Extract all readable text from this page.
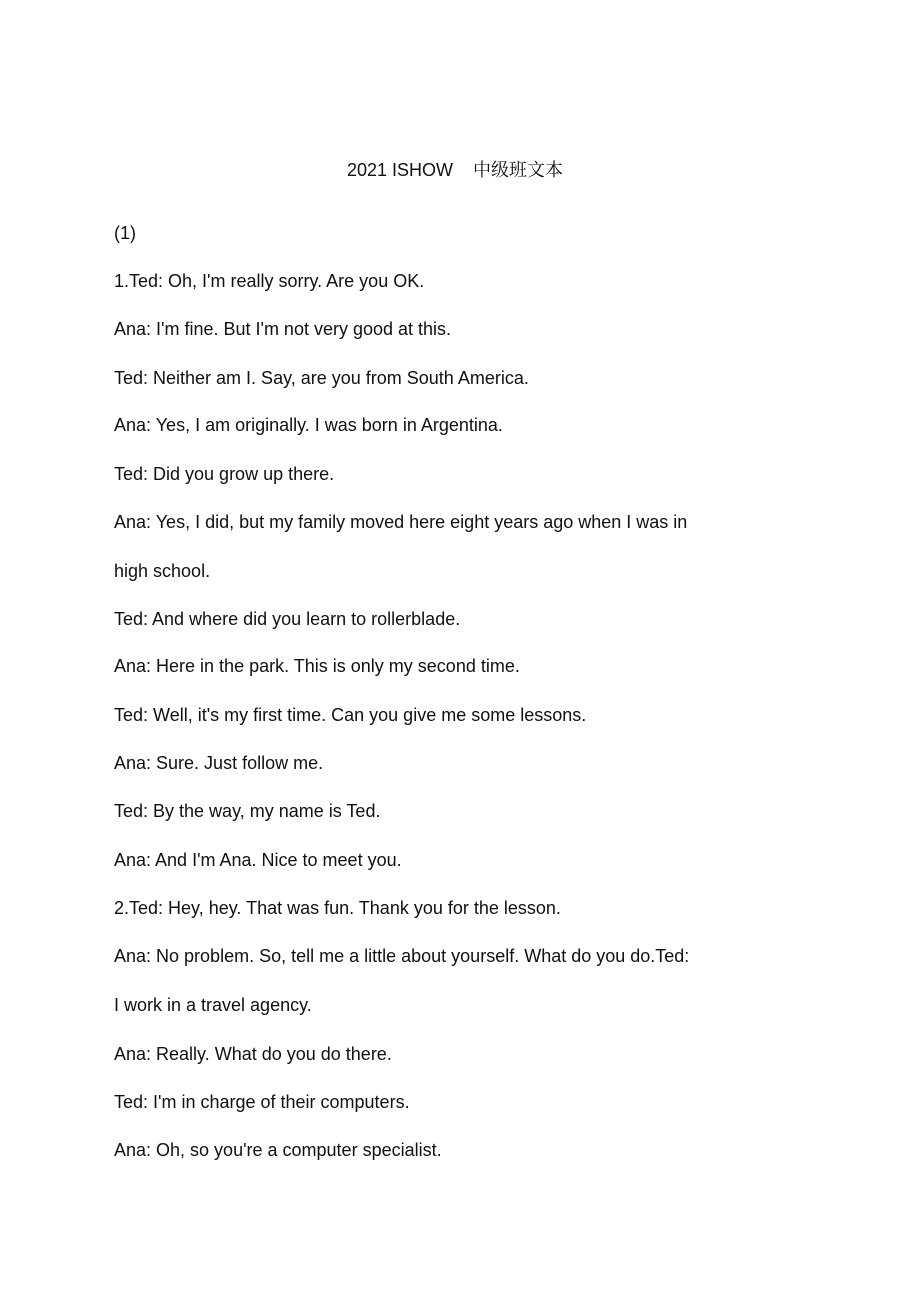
2021 ISHOW 中级班文本
(1)
1.Ted: Oh, I'm really sorry. Are you OK.
Ana: I'm fine. But I'm not very good at this.
Ted: Neither am I. Say, are you from South America.
Ana: Yes, I am originally. I was born in Argentina.
Ted: Did you grow up there.
Ana: Yes, I did, but my family moved here eight years ago when I was in
high school.
Ted: And where did you learn to rollerblade.
Ana: Here in the park. This is only my second time.
Ted: Well, it's my first time. Can you give me some lessons.
Ana: Sure. Just follow me.
Ted: By the way, my name is Ted.
Ana: And I'm Ana. Nice to meet you.
2.Ted: Hey, hey. That was fun. Thank you for the lesson.
Ana: No problem. So, tell me a little about yourself. What do you do.Ted:
I work in a travel agency.
Ana: Really. What do you do there.
Ted: I'm in charge of their computers.
Ana: Oh, so you're a computer specialist.
